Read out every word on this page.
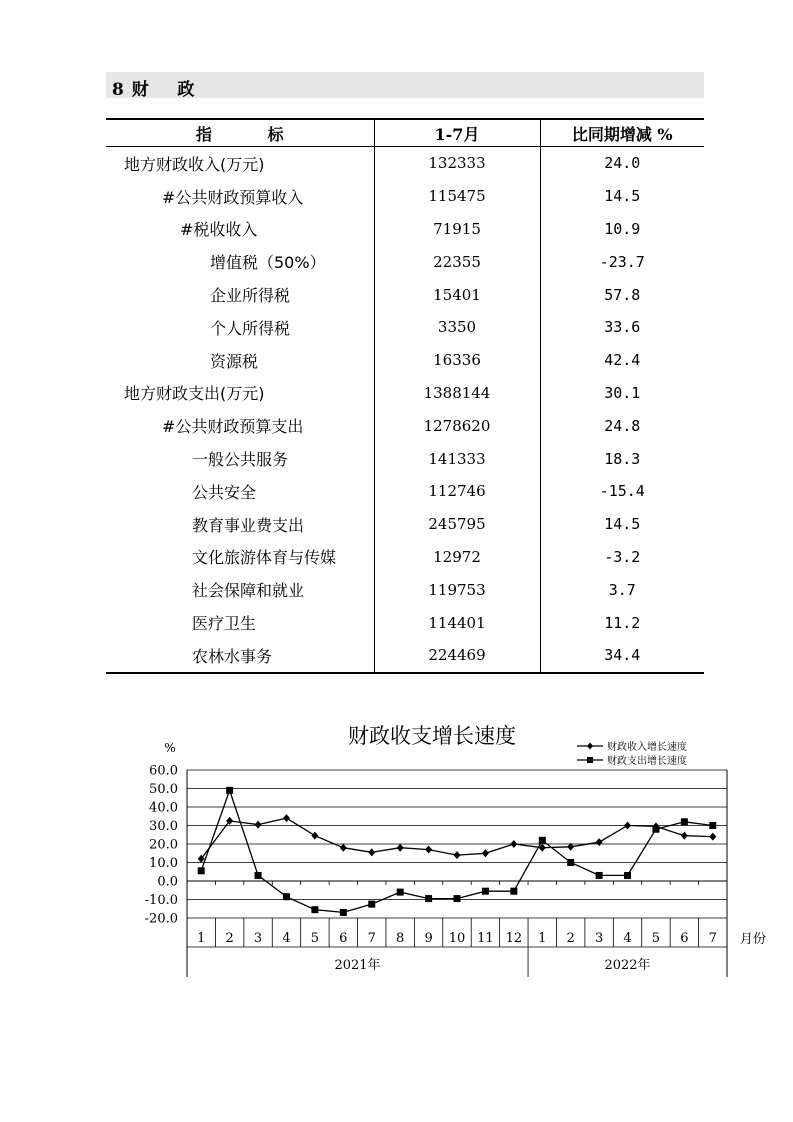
8 财    政
指          标	1-7月	比同期增减 %
地方财政收入(万元)	132333	24.0
#公共财政预算收入	115475	14.5
#税收收入	71915	10.9
增值税（50%）	22355	-23.7
企业所得税	15401	57.8
个人所得税	3350	33.6
资源税	16336	42.4
地方财政支出(万元)	1388144	30.1
#公共财政预算支出	1278620	24.8
一般公共服务	141333	18.3
公共安全	112746	-15.4
教育事业费支出	245795	14.5
文化旅游体育与传媒	12972	-3.2
社会保障和就业	119753	3.7
医疗卫生	114401	11.2
农林水事务	224469	34.4
财政收支增长速度
%
60.0
50.0
40.0
30.0
20.0
10.0
0.0
-10.0
-20.0
1 2 3 4 5 6 7 8 9 10 11 12 1 2 3 4 5 6 7
2021年	2022年
月份
财政收入增长速度
财政支出增长速度
